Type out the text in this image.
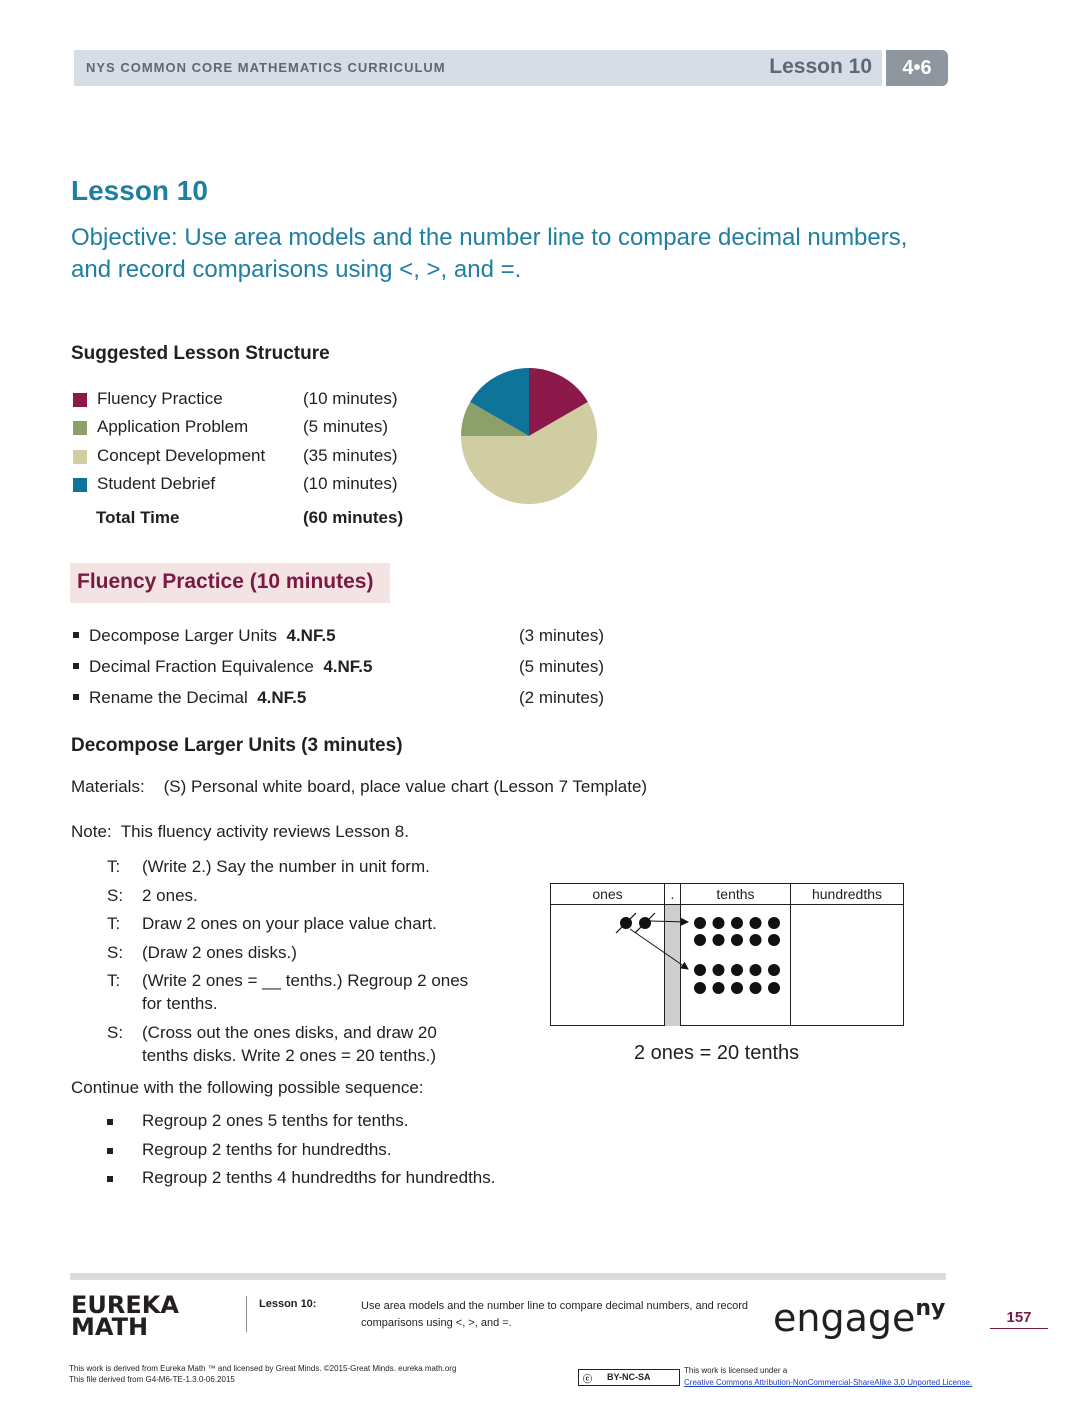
NYS COMMON CORE MATHEMATICS CURRICULUM	Lesson 10	4•6
Lesson 10
Objective: Use area models and the number line to compare decimal numbers, and record comparisons using <, >, and =.
Suggested Lesson Structure
Fluency Practice	(10 minutes)
Application Problem	(5 minutes)
Concept Development (35 minutes)
Student Debrief	(10 minutes)
Total Time	(60 minutes)
Fluency Practice (10 minutes)
Decompose Larger Units 4.NF.5	(3 minutes)
Decimal Fraction Equivalence 4.NF.5	(5 minutes)
Rename the Decimal 4.NF.5	(2 minutes)
Decompose Larger Units (3 minutes)
Materials:    (S) Personal white board, place value chart (Lesson 7 Template)
Note:  This fluency activity reviews Lesson 8.
T: (Write 2.) Say the number in unit form.
S: 2 ones.
T: Draw 2 ones on your place value chart.
S: (Draw 2 ones disks.)
T: (Write 2 ones = __ tenths.) Regroup 2 ones for tenths.
S: (Cross out the ones disks, and draw 20 tenths disks. Write 2 ones = 20 tenths.)
Continue with the following possible sequence:
Regroup 2 ones 5 tenths for tenths.
Regroup 2 tenths for hundredths.
Regroup 2 tenths 4 hundredths for hundredths.
ones	.	tenths	hundredths
2 ones = 20 tenths
EUREKA
MATH
Lesson 10:	Use area models and the number line to compare decimal numbers, and record comparisons using <, >, and =.	engage$^{ny}$	157
This work is derived from Eureka Math ™ and licensed by Great Minds. ©2015-Great Minds. eureka math.org
This file derived from G4-M6-TE-1.3.0-06.2015	ⓒ BY-NC-SA
This work is licensed under a
Creative Commons Attribution-NonCommercial-ShareAlike 3.0 Unported License.
